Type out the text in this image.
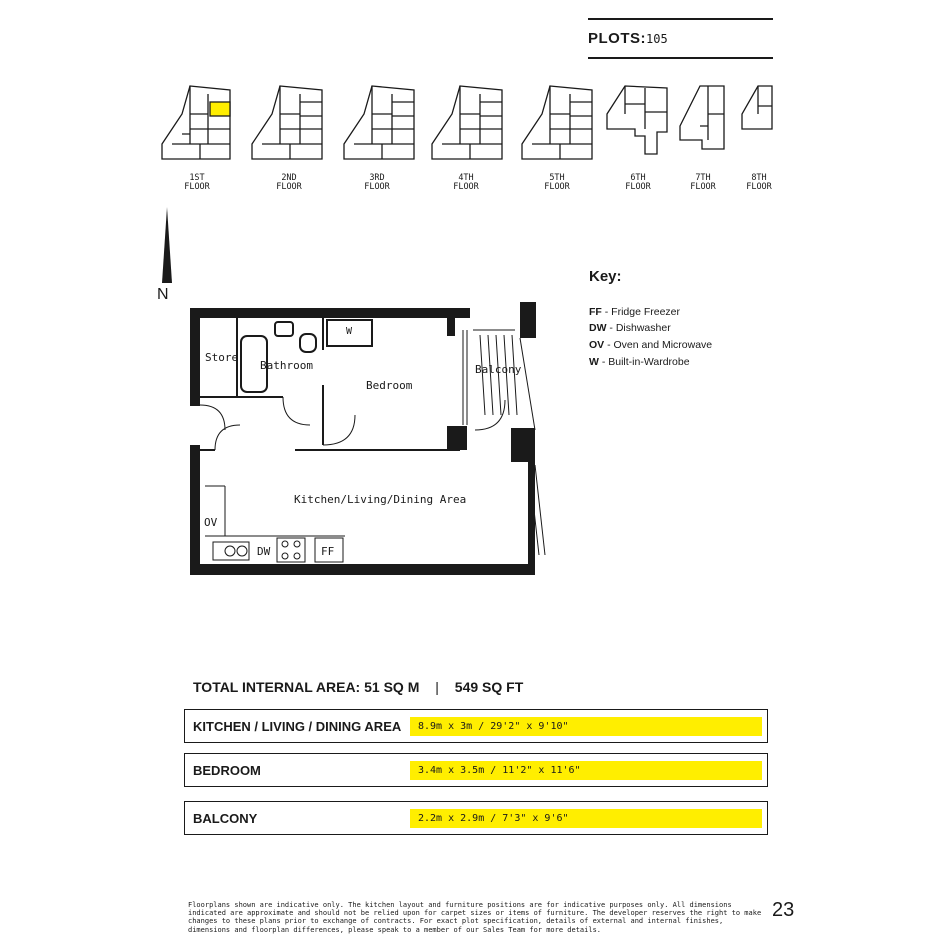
PLOTS: 105
1ST
FLOOR
2ND
FLOOR
3RD
FLOOR
4TH
FLOOR
5TH
FLOOR
6TH
FLOOR
7TH
FLOOR
8TH
FLOOR
N
Key:
FF - Fridge Freezer
DW - Dishwasher
OV - Oven and Microwave
W - Built-in-Wardrobe
Store
Bathroom
Bedroom
Balcony
Kitchen/Living/Dining Area
W
OV
DW	FF
TOTAL INTERNAL AREA: 51 SQ M | 549 SQ FT
KITCHEN / LIVING / DINING AREA	8.9m x 3m / 29'2" x 9'10"
BEDROOM	3.4m x 3.5m / 11'2" x 11'6"
BALCONY	2.2m x 2.9m / 7'3" x 9'6"
Floorplans shown are indicative only. The kitchen layout and furniture positions are for indicative purposes only. All dimensions indicated are approximate and should not be relied upon for carpet sizes or items of furniture. The developer reserves the right to make changes to these plans prior to exchange of contracts. For exact plot specification, details of external and internal finishes, dimensions and floorplan differences, please speak to a member of our Sales Team for more details.
23
